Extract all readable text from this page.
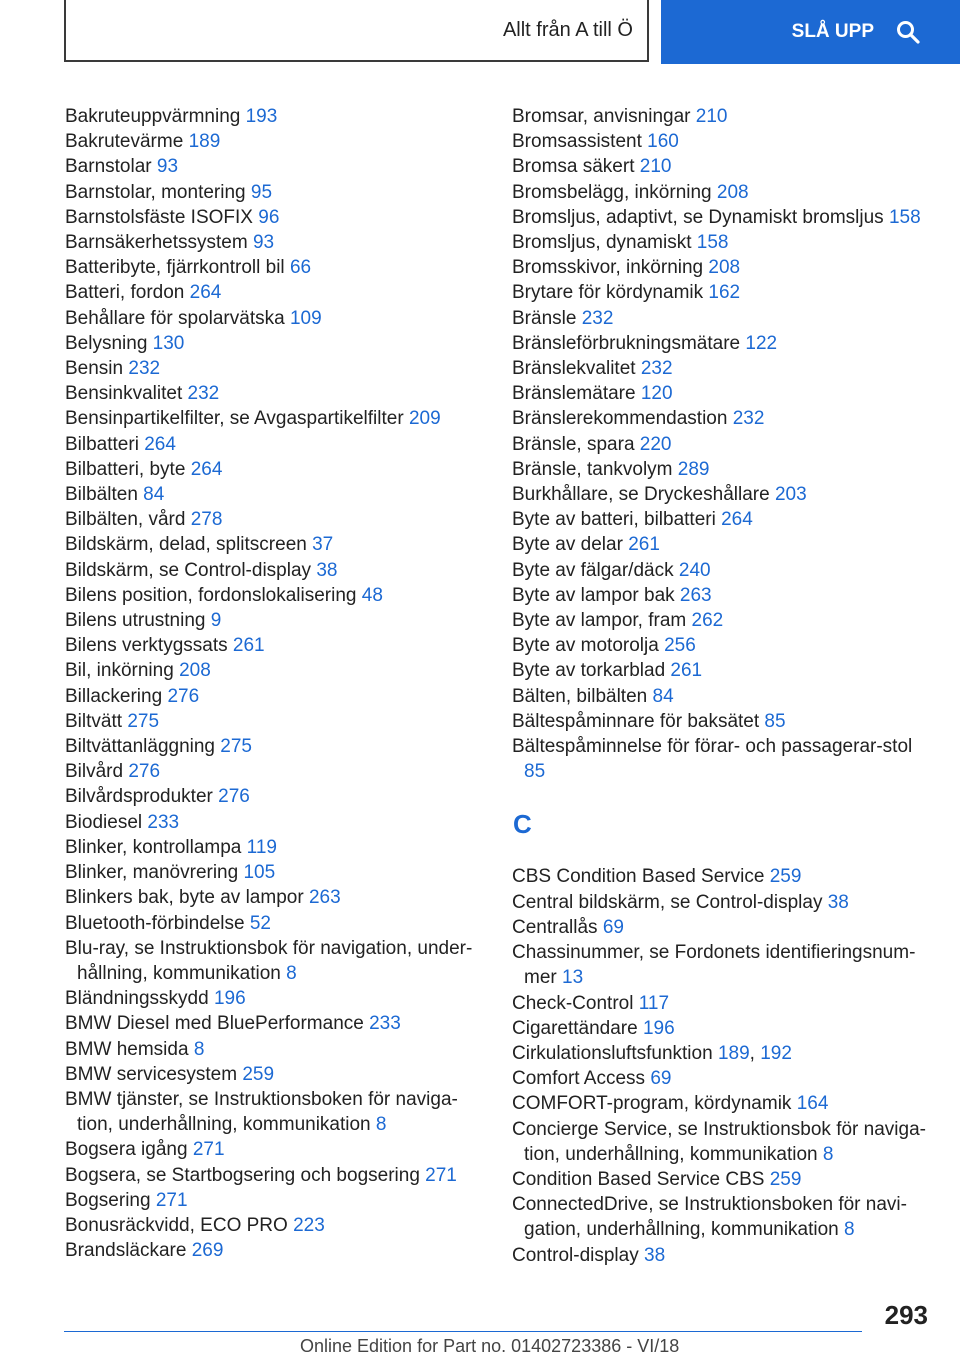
Allt från A till Ö	SLÅ UPP
Bakruteuppvärmning 193
Bakrutevärme 189
Barnstolar 93
Barnstolar, montering 95
Barnstolsfäste ISOFIX 96
Barnsäkerhetssystem 93
Batteribyte, fjärrkontroll bil 66
Batteri, fordon 264
Behållare för spolarvätska 109
Belysning 130
Bensin 232
Bensinkvalitet 232
Bensinpartikelfilter, se Avgaspartikelfilter 209
Bilbatteri 264
Bilbatteri, byte 264
Bilbälten 84
Bilbälten, vård 278
Bildskärm, delad, splitscreen 37
Bildskärm, se Control-display 38
Bilens position, fordonslokalisering 48
Bilens utrustning 9
Bilens verktygssats 261
Bil, inkörning 208
Billackering 276
Biltvätt 275
Biltvättanläggning 275
Bilvård 276
Bilvårdsprodukter 276
Biodiesel 233
Blinker, kontrollampa 119
Blinker, manövrering 105
Blinkers bak, byte av lampor 263
Bluetooth-förbindelse 52
Blu-ray, se Instruktionsbok för navigation, under-hållning, kommunikation 8
Bländningsskydd 196
BMW Diesel med BluePerformance 233
BMW hemsida 8
BMW servicesystem 259
BMW tjänster, se Instruktionsboken för naviga-tion, underhållning, kommunikation 8
Bogsera igång 271
Bogsera, se Startbogsering och bogsering 271
Bogsering 271
Bonusräckvidd, ECO PRO 223
Brandsläckare 269
Bromsar, anvisningar 210
Bromsassistent 160
Bromsa säkert 210
Bromsbelägg, inkörning 208
Bromsljus, adaptivt, se Dynamiskt bromsljus 158
Bromsljus, dynamiskt 158
Bromsskivor, inkörning 208
Brytare för kördynamik 162
Bränsle 232
Bränsleförbrukningsmätare 122
Bränslekvalitet 232
Bränslemätare 120
Bränslerekommendastion 232
Bränsle, spara 220
Bränsle, tankvolym 289
Burkhållare, se Dryckeshållare 203
Byte av batteri, bilbatteri 264
Byte av delar 261
Byte av fälgar/däck 240
Byte av lampor bak 263
Byte av lampor, fram 262
Byte av motorolja 256
Byte av torkarblad 261
Bälten, bilbälten 84
Bältespåminnare för baksätet 85
Bältespåminnelse för förar- och passagerar-stol 85
C
CBS Condition Based Service 259
Central bildskärm, se Control-display 38
Centrallås 69
Chassinummer, se Fordonets identifieringsnum-mer 13
Check-Control 117
Cigarettändare 196
Cirkulationsluftsfunktion 189, 192
Comfort Access 69
COMFORT-program, kördynamik 164
Concierge Service, se Instruktionsbok för naviga-tion, underhållning, kommunikation 8
Condition Based Service CBS 259
ConnectedDrive, se Instruktionsboken för navi-gation, underhållning, kommunikation 8
Control-display 38
293
Online Edition for Part no. 01402723386 - VI/18
